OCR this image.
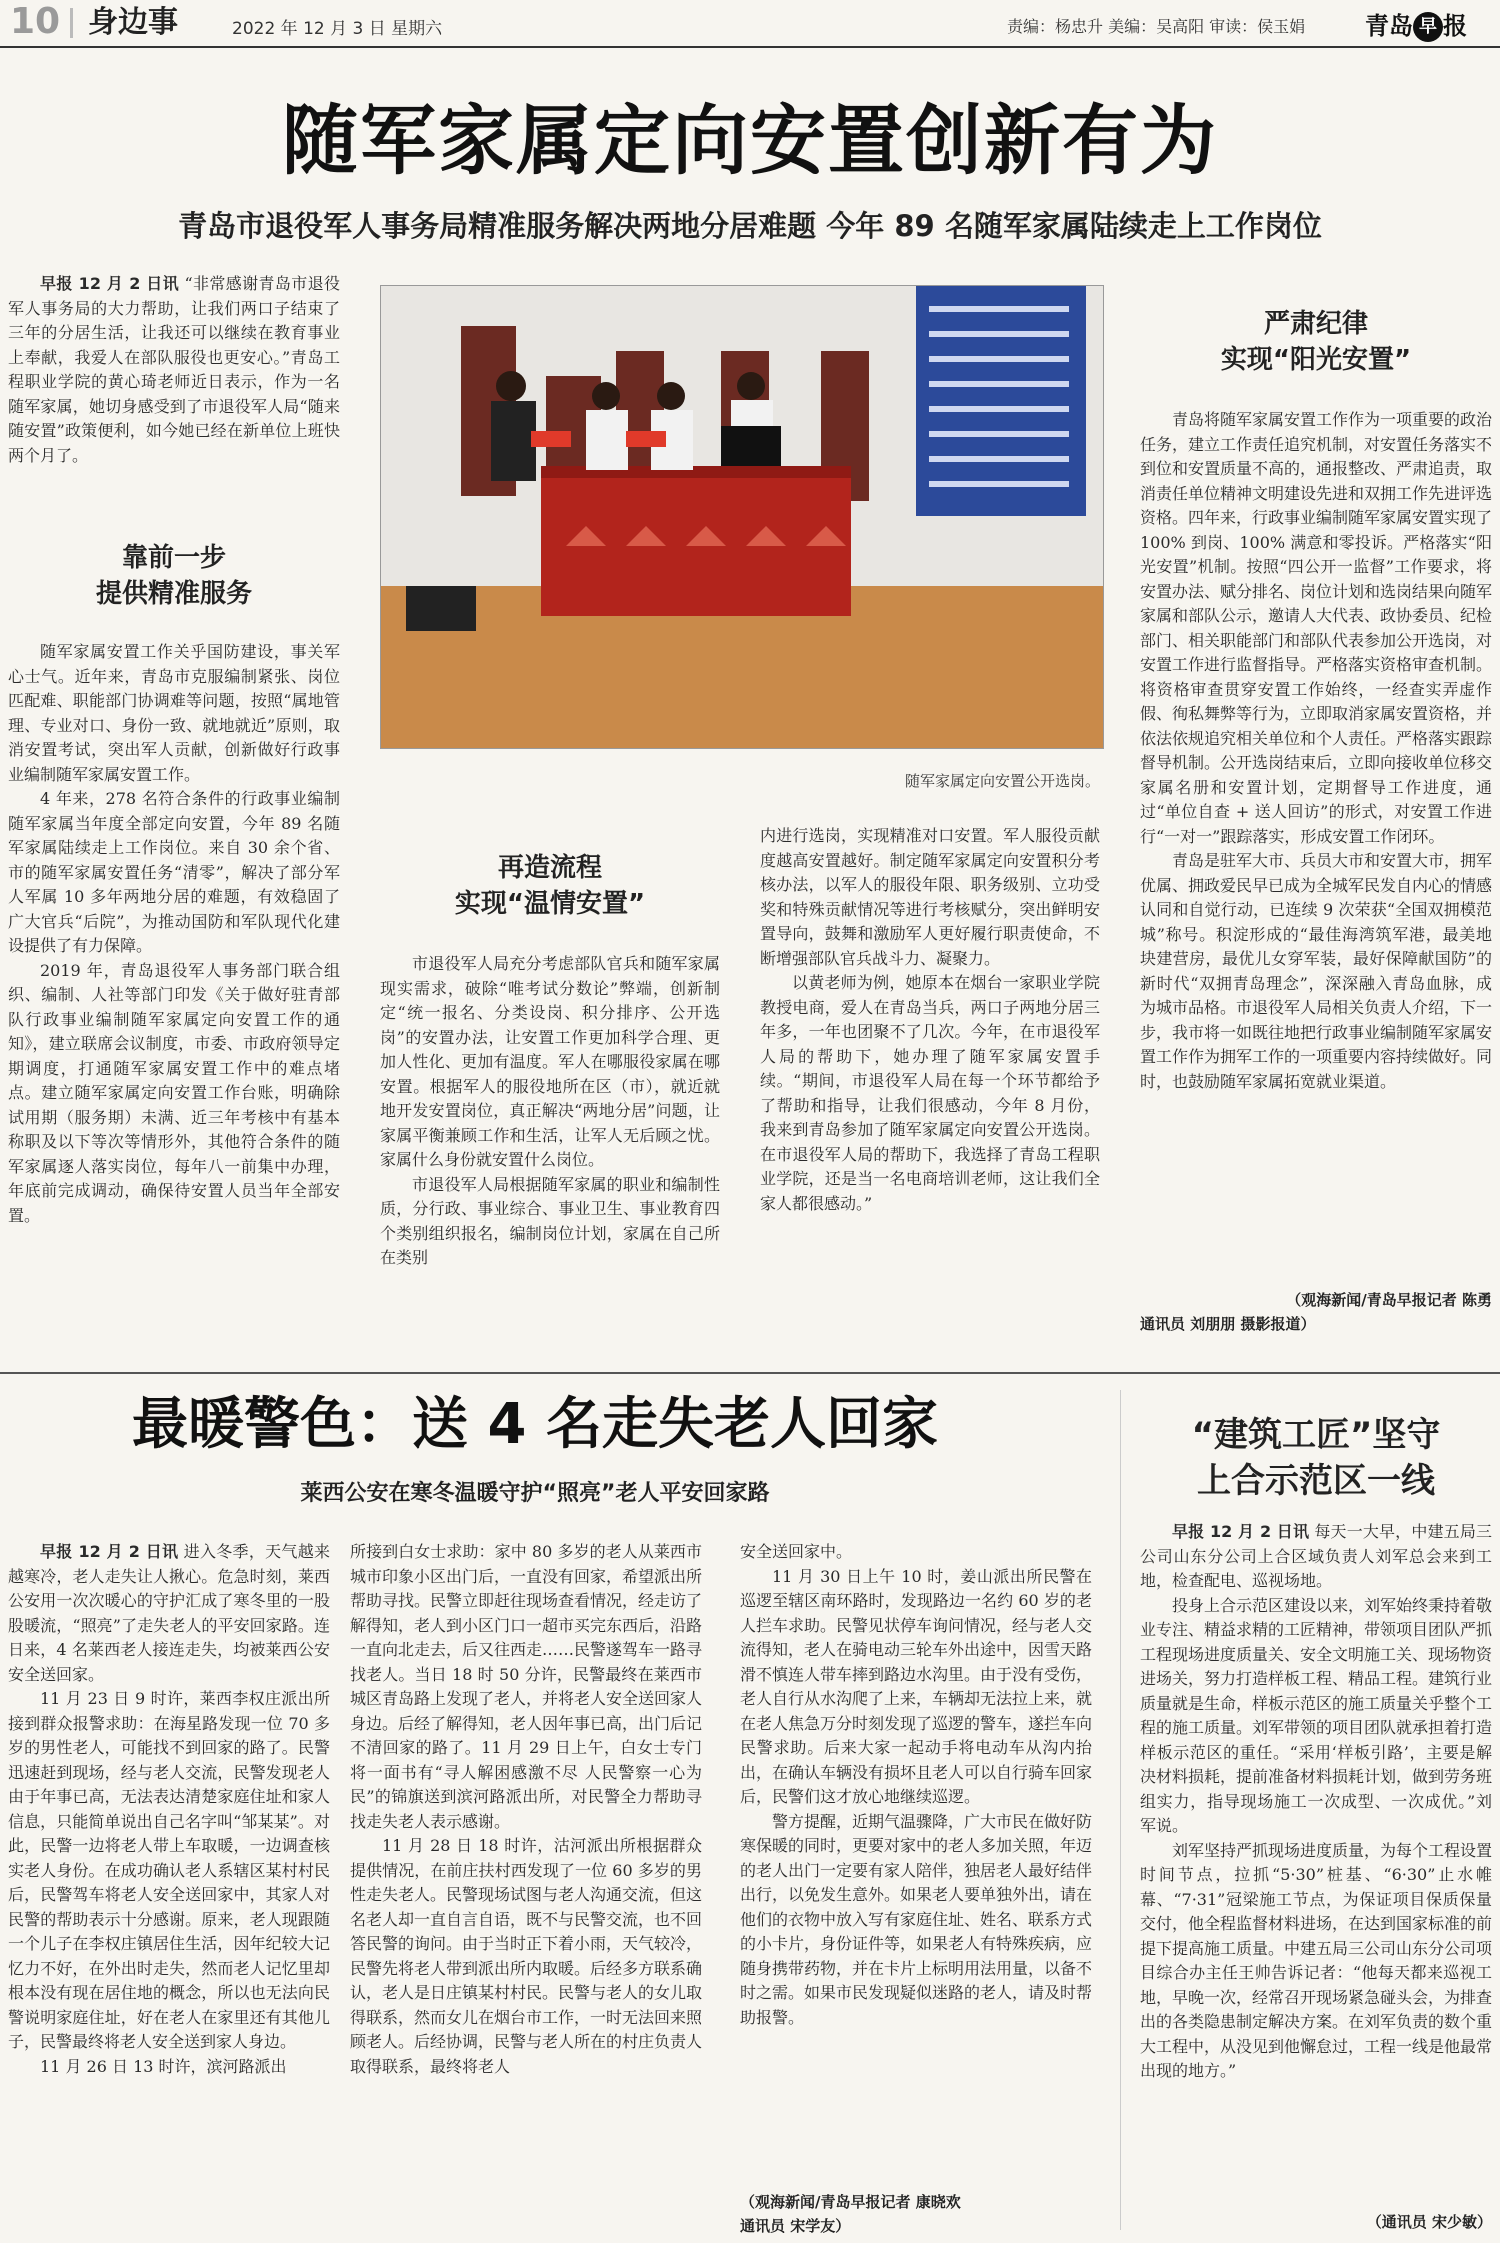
10 身边事	2022 年 12 月 3 日 星期六	责编：杨忠升 美编：吴高阳 审读：侯玉娟 青岛 早 报
随军家属定向安置创新有为
青岛市退役军人事务局精准服务解决两地分居难题 今年 89 名随军家属陆续走上工作岗位

早报 12 月 2 日讯 “非常感谢青岛市退役军人事务局的大力帮助，让我们两口子结束了三年的分居生活，让我还可以继续在教育事业上奉献，我爱人在部队服役也更安心。”青岛工程职业学院的黄心琦老师近日表示，作为一名随军家属，她切身感受到了市退役军人局“随来随安置”政策便利，如今她已经在新单位上班快两个月了。

靠前一步
提供精准服务

随军家属安置工作关乎国防建设，事关军心士气。近年来，青岛市克服编制紧张、岗位匹配难、职能部门协调难等问题，按照“属地管理、专业对口、身份一致、就地就近”原则，取消安置考试，突出军人贡献，创新做好行政事业编制随军家属安置工作。

4 年来，278 名符合条件的行政事业编制随军家属当年度全部定向安置，今年 89 名随军家属陆续走上工作岗位。来自 30 余个省、市的随军家属安置任务“清零”，解决了部分军人军属 10 多年两地分居的难题，有效稳固了广大官兵“后院”，为推动国防和军队现代化建设提供了有力保障。

2019 年，青岛退役军人事务部门联合组织、编制、人社等部门印发《关于做好驻青部队行政事业编制随军家属定向安置工作的通知》，建立联席会议制度，市委、市政府领导定期调度，打通随军家属安置工作中的难点堵点。建立随军家属定向安置工作台账，明确除试用期（服务期）未满、近三年考核中有基本称职及以下等次等情形外，其他符合条件的随军家属逐人落实岗位，每年八一前集中办理，年底前完成调动，确保待安置人员当年全部安置。

随军家属定向安置公开选岗。
再造流程
实现“温情安置”

市退役军人局充分考虑部队官兵和随军家属现实需求，破除“唯考试分数论”弊端，创新制定“统一报名、分类设岗、积分排序、公开选岗”的安置办法，让安置工作更加科学合理、更加人性化、更加有温度。军人在哪服役家属在哪安置。根据军人的服役地所在区（市），就近就地开发安置岗位，真正解决“两地分居”问题，让家属平衡兼顾工作和生活，让军人无后顾之忧。家属什么身份就安置什么岗位。

市退役军人局根据随军家属的职业和编制性质，分行政、事业综合、事业卫生、事业教育四个类别组织报名，编制岗位计划，家属在自己所在类别

内进行选岗，实现精准对口安置。军人服役贡献度越高安置越好。制定随军家属定向安置积分考核办法，以军人的服役年限、职务级别、立功受奖和特殊贡献情况等进行考核赋分，突出鲜明安置导向，鼓舞和激励军人更好履行职责使命，不断增强部队官兵战斗力、凝聚力。

以黄老师为例，她原本在烟台一家职业学院教授电商，爱人在青岛当兵，两口子两地分居三年多，一年也团聚不了几次。今年，在市退役军人局的帮助下，她办理了随军家属安置手续。“期间，市退役军人局在每一个环节都给予了帮助和指导，让我们很感动，今年 8 月份，我来到青岛参加了随军家属定向安置公开选岗。在市退役军人局的帮助下，我选择了青岛工程职业学院，还是当一名电商培训老师，这让我们全家人都很感动。”

严肃纪律
实现“阳光安置”

青岛将随军家属安置工作作为一项重要的政治任务，建立工作责任追究机制，对安置任务落实不到位和安置质量不高的，通报整改、严肃追责，取消责任单位精神文明建设先进和双拥工作先进评选资格。四年来，行政事业编制随军家属安置实现了 100% 到岗、100% 满意和零投诉。严格落实“阳光安置”机制。按照“四公开一监督”工作要求，将安置办法、赋分排名、岗位计划和选岗结果向随军家属和部队公示，邀请人大代表、政协委员、纪检部门、相关职能部门和部队代表参加公开选岗，对安置工作进行监督指导。严格落实资格审查机制。将资格审查贯穿安置工作始终，一经查实弄虚作假、徇私舞弊等行为，立即取消家属安置资格，并依法依规追究相关单位和个人责任。严格落实跟踪督导机制。公开选岗结束后，立即向接收单位移交家属名册和安置计划，定期督导工作进度，通过“单位自查 + 送人回访”的形式，对安置工作进行“一对一”跟踪落实，形成安置工作闭环。

青岛是驻军大市、兵员大市和安置大市，拥军优属、拥政爱民早已成为全城军民发自内心的情感认同和自觉行动，已连续 9 次荣获“全国双拥模范城”称号。积淀形成的“最佳海湾筑军港，最美地块建营房，最优儿女穿军装，最好保障献国防”的新时代“双拥青岛理念”，深深融入青岛血脉，成为城市品格。市退役军人局相关负责人介绍，下一步，我市将一如既往地把行政事业编制随军家属安置工作作为拥军工作的一项重要内容持续做好。同时，也鼓励随军家属拓宽就业渠道。

（观海新闻/青岛早报记者 陈勇
通讯员 刘朋朋 摄影报道）
最暖警色：送 4 名走失老人回家
莱西公安在寒冬温暖守护“照亮”老人平安回家路

早报 12 月 2 日讯 进入冬季，天气越来越寒冷，老人走失让人揪心。危急时刻，莱西公安用一次次暖心的守护汇成了寒冬里的一股股暖流，“照亮”了走失老人的平安回家路。连日来，4 名莱西老人接连走失，均被莱西公安安全送回家。

11 月 23 日 9 时许，莱西李权庄派出所接到群众报警求助：在海星路发现一位 70 多岁的男性老人，可能找不到回家的路了。民警迅速赶到现场，经与老人交流，民警发现老人由于年事已高，无法表达清楚家庭住址和家人信息，只能简单说出自己名字叫“邹某某”。对此，民警一边将老人带上车取暖，一边调查核实老人身份。在成功确认老人系辖区某村村民后，民警驾车将老人安全送回家中，其家人对民警的帮助表示十分感谢。原来，老人现跟随一个儿子在李权庄镇居住生活，因年纪较大记忆力不好，在外出时走失，然而老人记忆里却根本没有现在居住地的概念，所以也无法向民警说明家庭住址，好在老人在家里还有其他儿子，民警最终将老人安全送到家人身边。

11 月 26 日 13 时许，滨河路派出

所接到白女士求助：家中 80 多岁的老人从莱西市城市印象小区出门后，一直没有回家，希望派出所帮助寻找。民警立即赶往现场查看情况，经走访了解得知，老人到小区门口一超市买完东西后，沿路一直向北走去，后又往西走……民警遂驾车一路寻找老人。当日 18 时 50 分许，民警最终在莱西市城区青岛路上发现了老人，并将老人安全送回家人身边。后经了解得知，老人因年事已高，出门后记不清回家的路了。11 月 29 日上午，白女士专门将一面书有“寻人解困感激不尽 人民警察一心为民”的锦旗送到滨河路派出所，对民警全力帮助寻找走失老人表示感谢。

11 月 28 日 18 时许，沽河派出所根据群众提供情况，在前庄扶村西发现了一位 60 多岁的男性走失老人。民警现场试图与老人沟通交流，但这名老人却一直自言自语，既不与民警交流，也不回答民警的询问。由于当时正下着小雨，天气较冷，民警先将老人带到派出所内取暖。后经多方联系确认，老人是日庄镇某村村民。民警与老人的女儿取得联系，然而女儿在烟台市工作，一时无法回来照顾老人。后经协调，民警与老人所在的村庄负责人取得联系，最终将老人

安全送回家中。

11 月 30 日上午 10 时，姜山派出所民警在巡逻至辖区南环路时，发现路边一名约 60 岁的老人拦车求助。民警见状停车询问情况，经与老人交流得知，老人在骑电动三轮车外出途中，因雪天路滑不慎连人带车摔到路边水沟里。由于没有受伤，老人自行从水沟爬了上来，车辆却无法拉上来，就在老人焦急万分时刻发现了巡逻的警车，遂拦车向民警求助。后来大家一起动手将电动车从沟内抬出，在确认车辆没有损坏且老人可以自行骑车回家后，民警们这才放心地继续巡逻。

警方提醒，近期气温骤降，广大市民在做好防寒保暖的同时，更要对家中的老人多加关照，年迈的老人出门一定要有家人陪伴，独居老人最好结伴出行，以免发生意外。如果老人要单独外出，请在他们的衣物中放入写有家庭住址、姓名、联系方式的小卡片，身份证件等，如果老人有特殊疾病，应随身携带药物，并在卡片上标明用法用量，以备不时之需。如果市民发现疑似迷路的老人，请及时帮助报警。

（观海新闻/青岛早报记者 康晓欢
通讯员 宋学友）
“建筑工匠”坚守
上合示范区一线

早报 12 月 2 日讯 每天一大早，中建五局三公司山东分公司上合区域负责人刘军总会来到工地，检查配电、巡视场地。

投身上合示范区建设以来，刘军始终秉持着敬业专注、精益求精的工匠精神，带领项目团队严抓工程现场进度质量关、安全文明施工关、现场物资进场关，努力打造样板工程、精品工程。建筑行业质量就是生命，样板示范区的施工质量关乎整个工程的施工质量。刘军带领的项目团队就承担着打造样板示范区的重任。“采用‘样板引路’，主要是解决材料损耗，提前准备材料损耗计划，做到劳务班组实力，指导现场施工一次成型、一次成优。”刘军说。

刘军坚持严抓现场进度质量，为每个工程设置时间节点，拉抓“5·30”桩基、“6·30”止水帷幕、“7·31”冠梁施工节点，为保证项目保质保量交付，他全程监督材料进场，在达到国家标准的前提下提高施工质量。中建五局三公司山东分公司项目综合办主任王帅告诉记者：“他每天都来巡视工地，早晚一次，经常召开现场紧急碰头会，为排查出的各类隐患制定解决方案。在刘军负责的数个重大工程中，从没见到他懈怠过，工程一线是他最常出现的地方。”

（通讯员 宋少敏）
